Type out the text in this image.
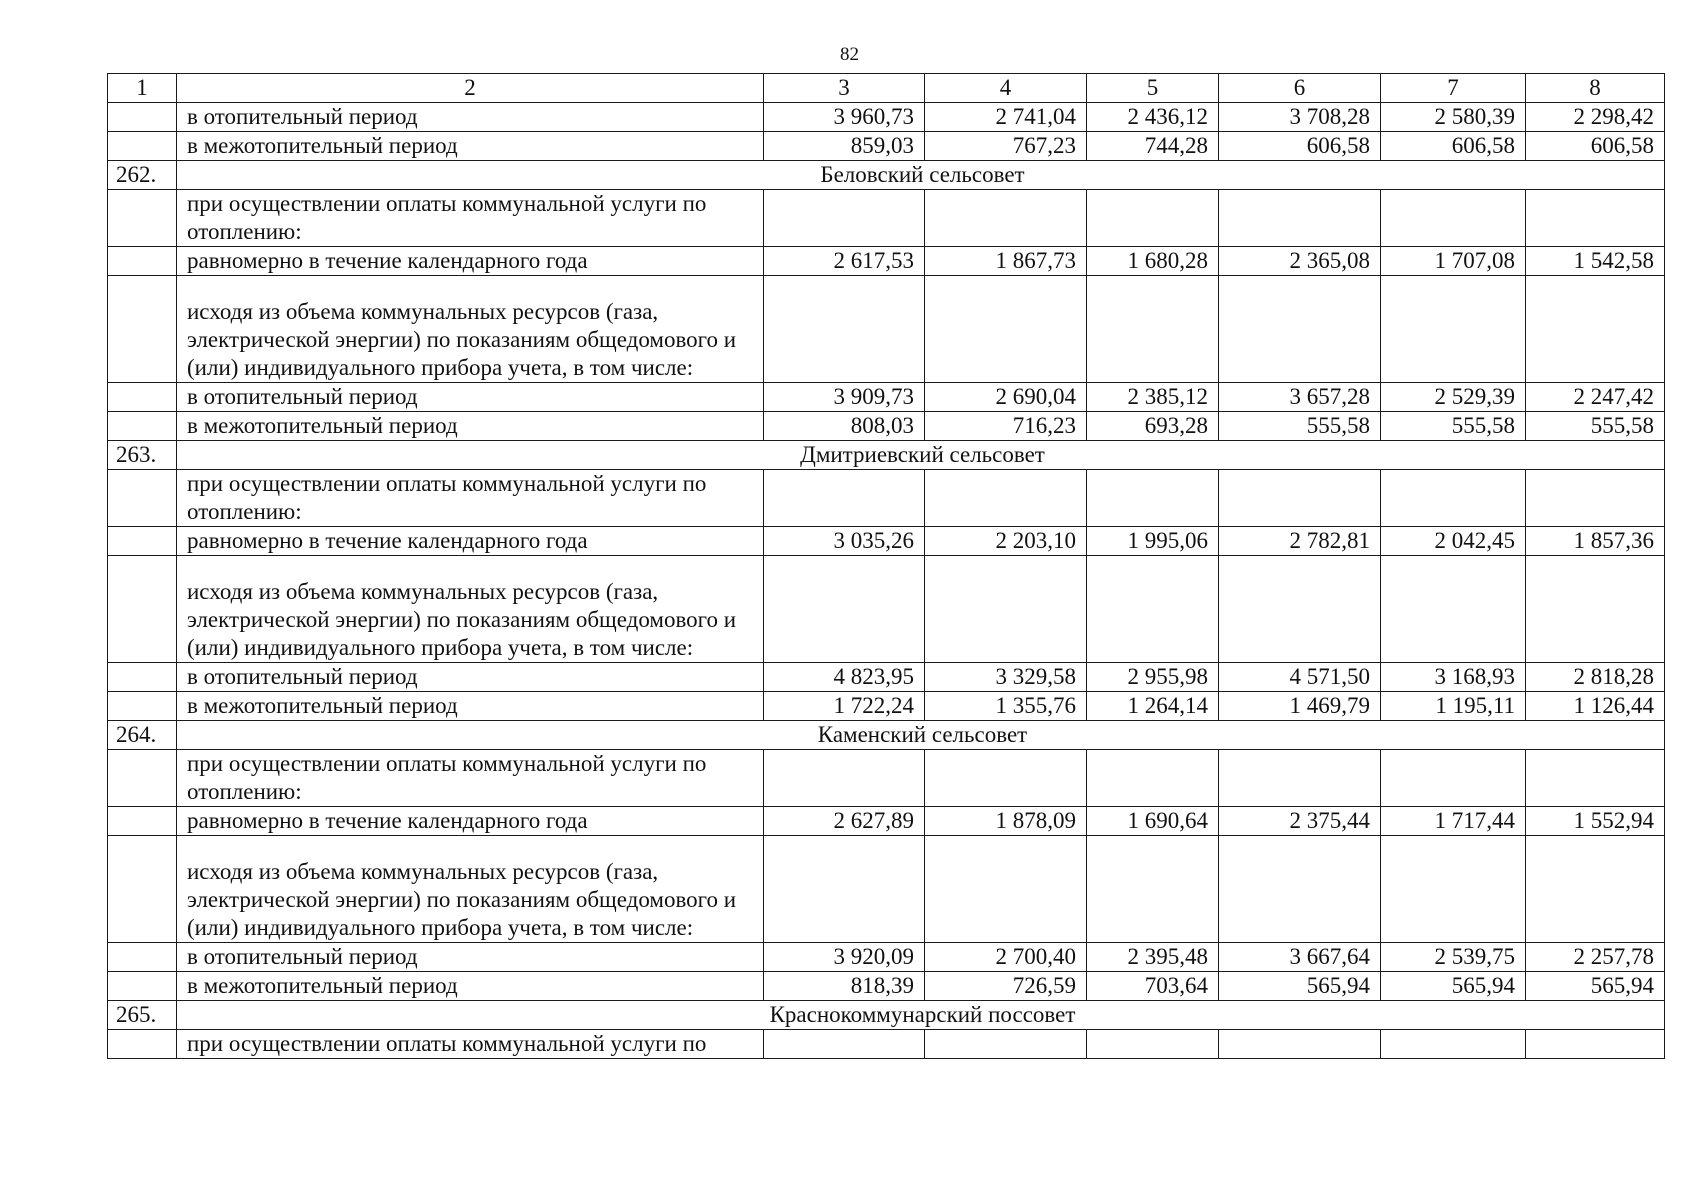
82
1	2	3	4	5	6	7	8
	в отопительный период	3 960,73	2 741,04	2 436,12	3 708,28	2 580,39	2 298,42
	в межотопительный период	859,03	767,23	744,28	606,58	606,58	606,58
262.	Беловский сельсовет						
	при осуществлении оплаты коммунальной услуги по отоплению:						
	равномерно в течение календарного года	2 617,53	1 867,73	1 680,28	2 365,08	1 707,08	1 542,58
	исходя из объема коммунальных ресурсов (газа, электрической энергии) по показаниям общедомового и (или) индивидуального прибора учета, в том числе:						
	в отопительный период	3 909,73	2 690,04	2 385,12	3 657,28	2 529,39	2 247,42
	в межотопительный период	808,03	716,23	693,28	555,58	555,58	555,58
263.	Дмитриевский сельсовет						
	при осуществлении оплаты коммунальной услуги по отоплению:						
	равномерно в течение календарного года	3 035,26	2 203,10	1 995,06	2 782,81	2 042,45	1 857,36
	исходя из объема коммунальных ресурсов (газа, электрической энергии) по показаниям общедомового и (или) индивидуального прибора учета, в том числе:						
	в отопительный период	4 823,95	3 329,58	2 955,98	4 571,50	3 168,93	2 818,28
	в межотопительный период	1 722,24	1 355,76	1 264,14	1 469,79	1 195,11	1 126,44
264.	Каменский сельсовет						
	при осуществлении оплаты коммунальной услуги по отоплению:						
	равномерно в течение календарного года	2 627,89	1 878,09	1 690,64	2 375,44	1 717,44	1 552,94
	исходя из объема коммунальных ресурсов (газа, электрической энергии) по показаниям общедомового и (или) индивидуального прибора учета, в том числе:						
	в отопительный период	3 920,09	2 700,40	2 395,48	3 667,64	2 539,75	2 257,78
	в межотопительный период	818,39	726,59	703,64	565,94	565,94	565,94
265.	Краснокоммунарский поссовет						
	при осуществлении оплаты коммунальной услуги по						
